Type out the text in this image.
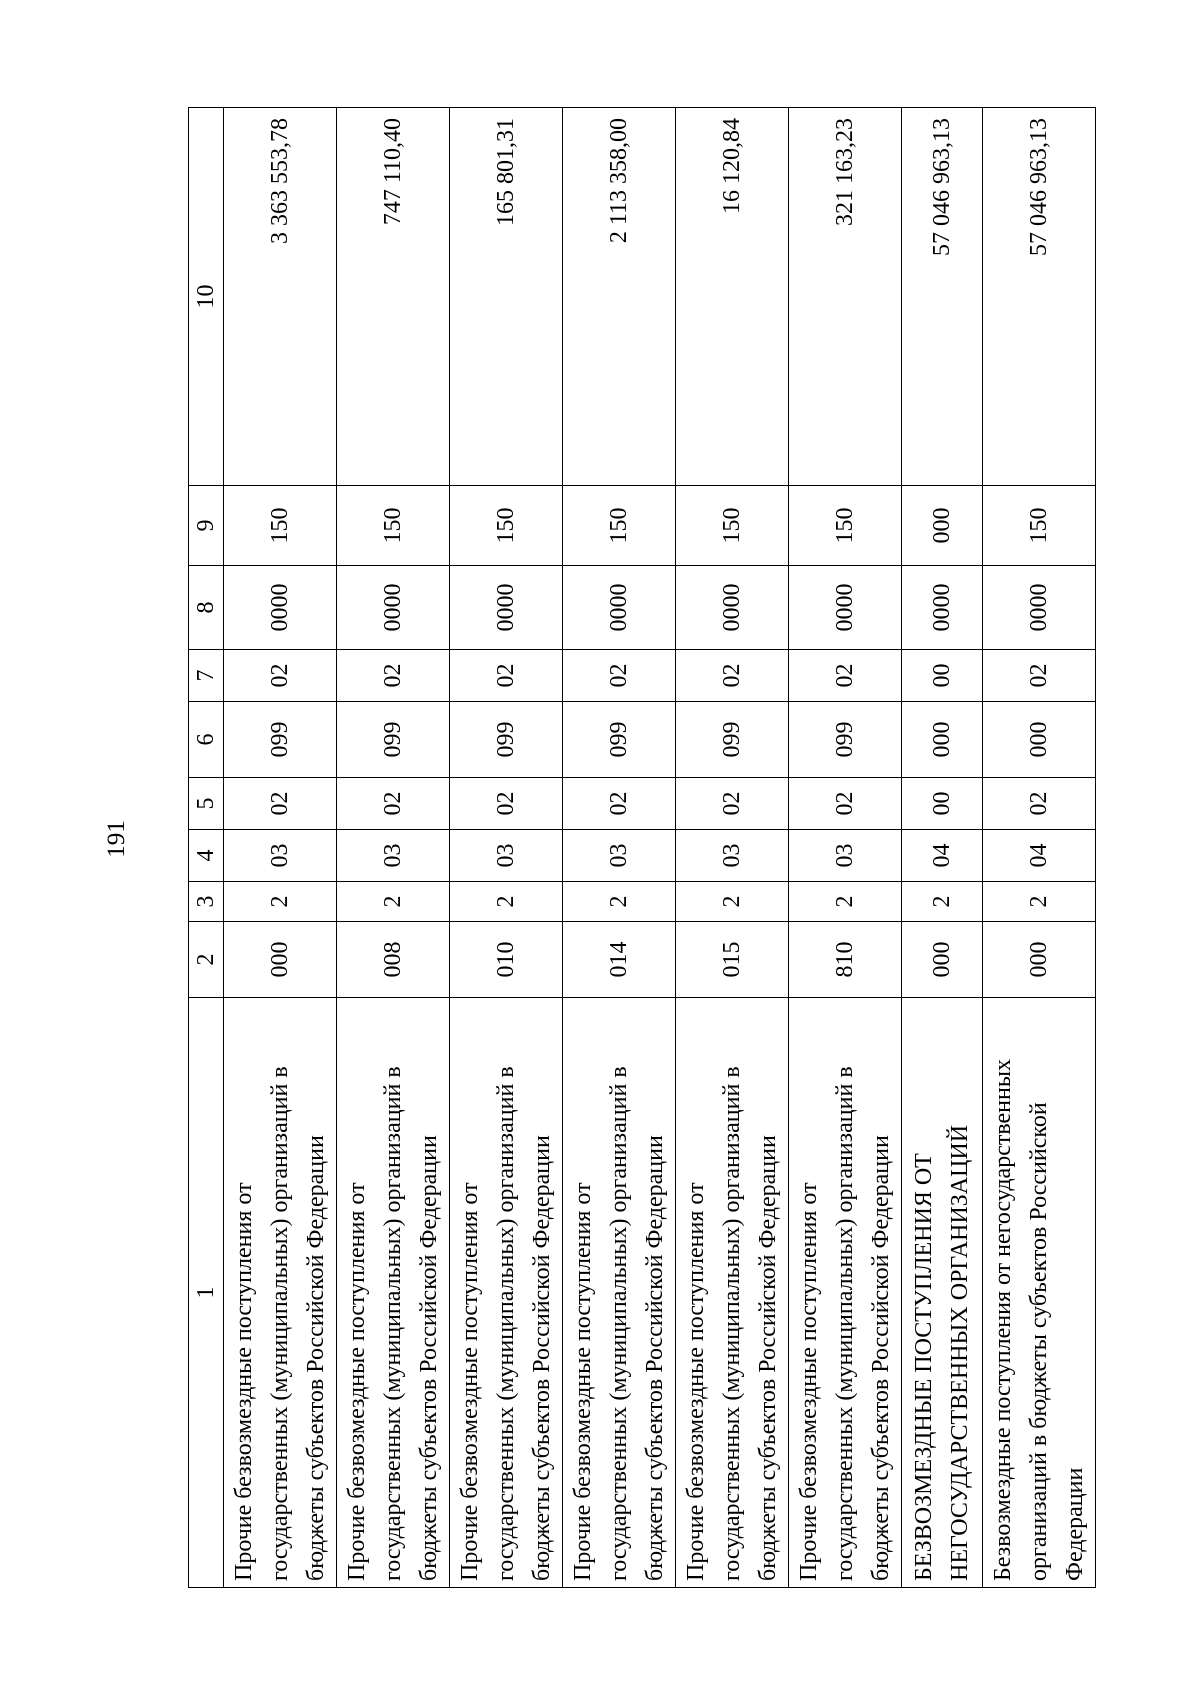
191
1	2	3	4	5	6	7	8	9	10
Прочие безвозмездные поступления от государственных (муниципальных) организаций в бюджеты субъектов Российской Федерации	000	2	03	02	099	02	0000	150	3 363 553,78
Прочие безвозмездные поступления от государственных (муниципальных) организаций в бюджеты субъектов Российской Федерации	008	2	03	02	099	02	0000	150	747 110,40
Прочие безвозмездные поступления от государственных (муниципальных) организаций в бюджеты субъектов Российской Федерации	010	2	03	02	099	02	0000	150	165 801,31
Прочие безвозмездные поступления от государственных (муниципальных) организаций в бюджеты субъектов Российской Федерации	014	2	03	02	099	02	0000	150	2 113 358,00
Прочие безвозмездные поступления от государственных (муниципальных) организаций в бюджеты субъектов Российской Федерации	015	2	03	02	099	02	0000	150	16 120,84
Прочие безвозмездные поступления от государственных (муниципальных) организаций в бюджеты субъектов Российской Федерации	810	2	03	02	099	02	0000	150	321 163,23
БЕЗВОЗМЕЗДНЫЕ ПОСТУПЛЕНИЯ ОТ НЕГОСУДАРСТВЕННЫХ ОРГАНИЗАЦИЙ	000	2	04	00	000	00	0000	000	57 046 963,13
Безвозмездные поступления от негосударственных организаций в бюджеты субъектов Российской Федерации	000	2	04	02	000	02	0000	150	57 046 963,13
